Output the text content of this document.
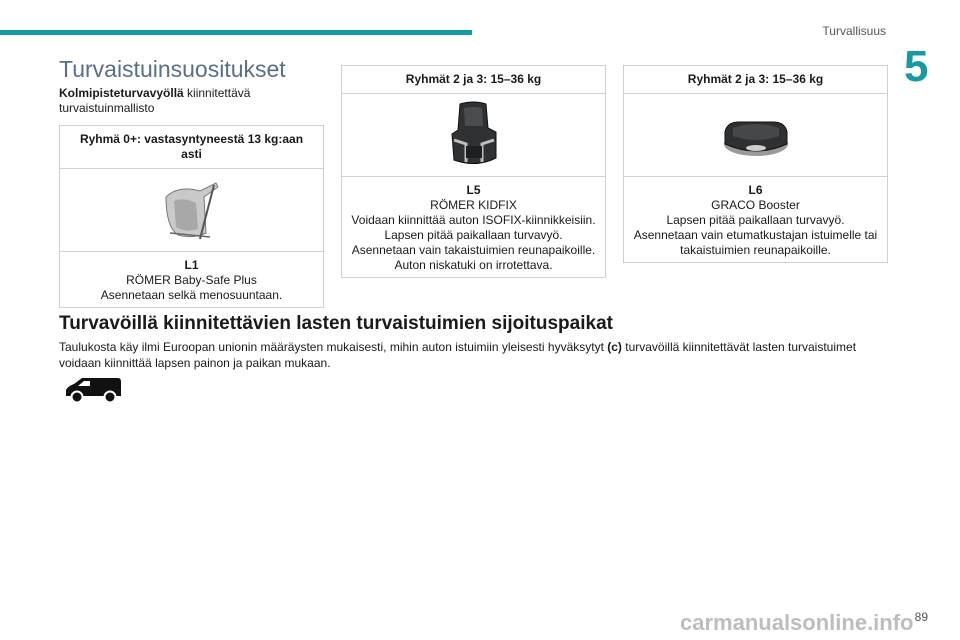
Turvallisuus
5
Turvaistuinsuositukset
Kolmipisteturvavyöllä kiinnitettävä turvaistuinmallisto
Ryhmä 0+: vastasyntyneestä 13 kg:aan asti
L1
RÖMER Baby-Safe Plus
Asennetaan selkä menosuuntaan.
Ryhmät 2 ja 3: 15–36 kg
L5
RÖMER KIDFIX
Voidaan kiinnittää auton ISOFIX-kiinnikkeisiin.
Lapsen pitää paikallaan turvavyö.
Asennetaan vain takaistuimien reunapaikoille.
Auton niskatuki on irrotettava.
Ryhmät 2 ja 3: 15–36 kg
L6
GRACO Booster
Lapsen pitää paikallaan turvavyö.
Asennetaan vain etumatkustajan istuimelle tai takaistuimien reunapaikoille.
Turvavöillä kiinnitettävien lasten turvaistuimien sijoituspaikat
Taulukosta käy ilmi Euroopan unionin määräysten mukaisesti, mihin auton istuimiin yleisesti hyväksytyt (c) turvavöillä kiinnitettävät lasten turvaistuimet voidaan kiinnittää lapsen painon ja paikan mukaan.
carmanualsonline.info 89
